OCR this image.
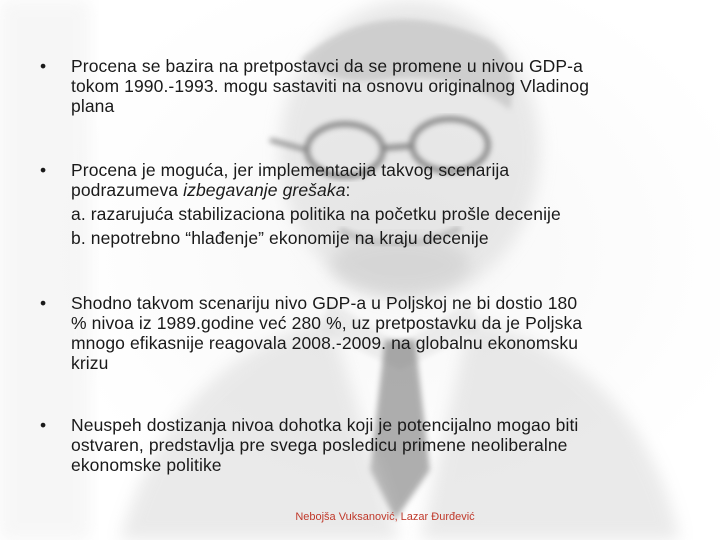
•	Procena se bazira na pretpostavci da se promene u nivou GDP-a
tokom 1990.-1993. mogu sastaviti na osnovu originalnog Vladinog
plana
•	Procena je moguća, jer implementacija takvog scenarija
podrazumeva izbegavanje grešaka:
a. razarujuća stabilizaciona politika na početku prošle decenije
b. nepotrebno “hlađenje” ekonomije na kraju decenije
•	Shodno takvom scenariju nivo GDP-a u Poljskoj ne bi dostio 180
% nivoa iz 1989.godine već 280 %, uz pretpostavku da je Poljska
mnogo efikasnije reagovala 2008.-2009. na globalnu ekonomsku
krizu
•	Neuspeh dostizanja nivoa dohotka koji je potencijalno mogao biti
ostvaren, predstavlja pre svega posledicu primene neoliberalne
ekonomske politike
Nebojša Vuksanović, Lazar Đurđević
